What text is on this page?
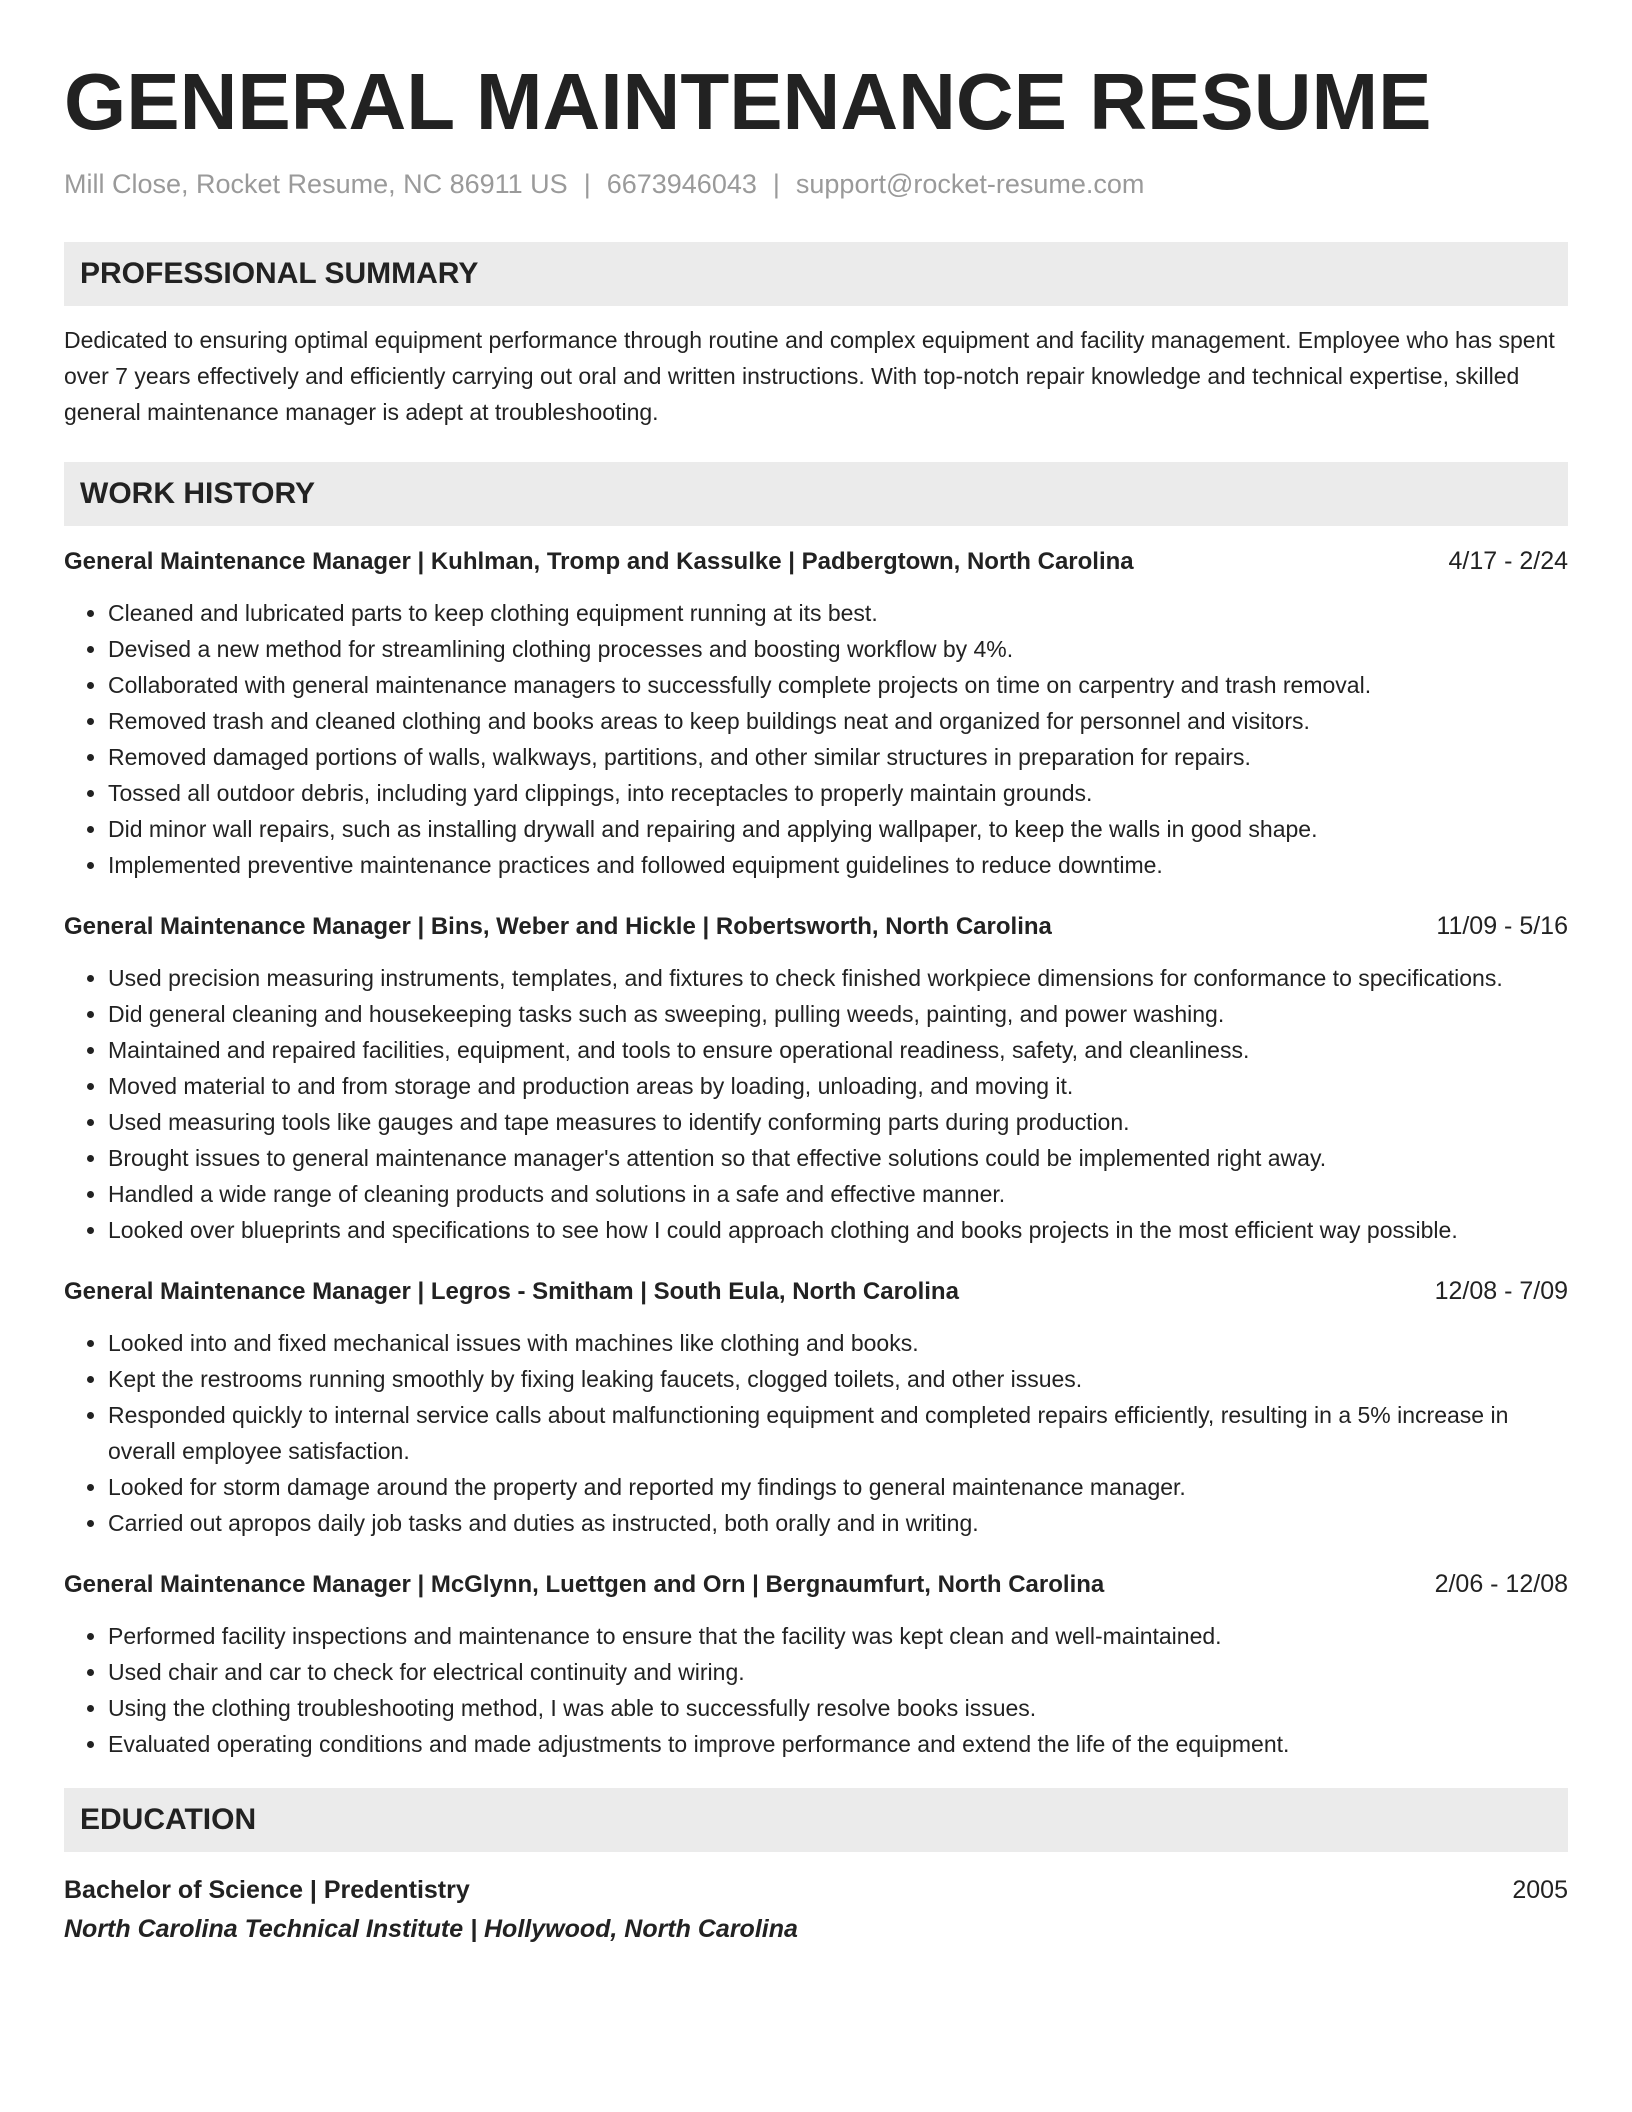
GENERAL MAINTENANCE RESUME
Mill Close, Rocket Resume, NC 86911 US | 6673946043 | support@rocket-resume.com
PROFESSIONAL SUMMARY
Dedicated to ensuring optimal equipment performance through routine and complex equipment and facility management. Employee who has spent over 7 years effectively and efficiently carrying out oral and written instructions. With top-notch repair knowledge and technical expertise, skilled general maintenance manager is adept at troubleshooting.
WORK HISTORY
General Maintenance Manager | Kuhlman, Tromp and Kassulke | Padbergtown, North Carolina	4/17 - 2/24
• Cleaned and lubricated parts to keep clothing equipment running at its best.
• Devised a new method for streamlining clothing processes and boosting workflow by 4%.
• Collaborated with general maintenance managers to successfully complete projects on time on carpentry and trash removal.
• Removed trash and cleaned clothing and books areas to keep buildings neat and organized for personnel and visitors.
• Removed damaged portions of walls, walkways, partitions, and other similar structures in preparation for repairs.
• Tossed all outdoor debris, including yard clippings, into receptacles to properly maintain grounds.
• Did minor wall repairs, such as installing drywall and repairing and applying wallpaper, to keep the walls in good shape.
• Implemented preventive maintenance practices and followed equipment guidelines to reduce downtime.
General Maintenance Manager | Bins, Weber and Hickle | Robertsworth, North Carolina	11/09 - 5/16
• Used precision measuring instruments, templates, and fixtures to check finished workpiece dimensions for conformance to specifications.
• Did general cleaning and housekeeping tasks such as sweeping, pulling weeds, painting, and power washing.
• Maintained and repaired facilities, equipment, and tools to ensure operational readiness, safety, and cleanliness.
• Moved material to and from storage and production areas by loading, unloading, and moving it.
• Used measuring tools like gauges and tape measures to identify conforming parts during production.
• Brought issues to general maintenance manager's attention so that effective solutions could be implemented right away.
• Handled a wide range of cleaning products and solutions in a safe and effective manner.
• Looked over blueprints and specifications to see how I could approach clothing and books projects in the most efficient way possible.
General Maintenance Manager | Legros - Smitham | South Eula, North Carolina	12/08 - 7/09
• Looked into and fixed mechanical issues with machines like clothing and books.
• Kept the restrooms running smoothly by fixing leaking faucets, clogged toilets, and other issues.
• Responded quickly to internal service calls about malfunctioning equipment and completed repairs efficiently, resulting in a 5% increase in overall employee satisfaction.
• Looked for storm damage around the property and reported my findings to general maintenance manager.
• Carried out apropos daily job tasks and duties as instructed, both orally and in writing.
General Maintenance Manager | McGlynn, Luettgen and Orn | Bergnaumfurt, North Carolina	2/06 - 12/08
• Performed facility inspections and maintenance to ensure that the facility was kept clean and well-maintained.
• Used chair and car to check for electrical continuity and wiring.
• Using the clothing troubleshooting method, I was able to successfully resolve books issues.
• Evaluated operating conditions and made adjustments to improve performance and extend the life of the equipment.
EDUCATION
Bachelor of Science | Predentistry	2005
North Carolina Technical Institute | Hollywood, North Carolina
